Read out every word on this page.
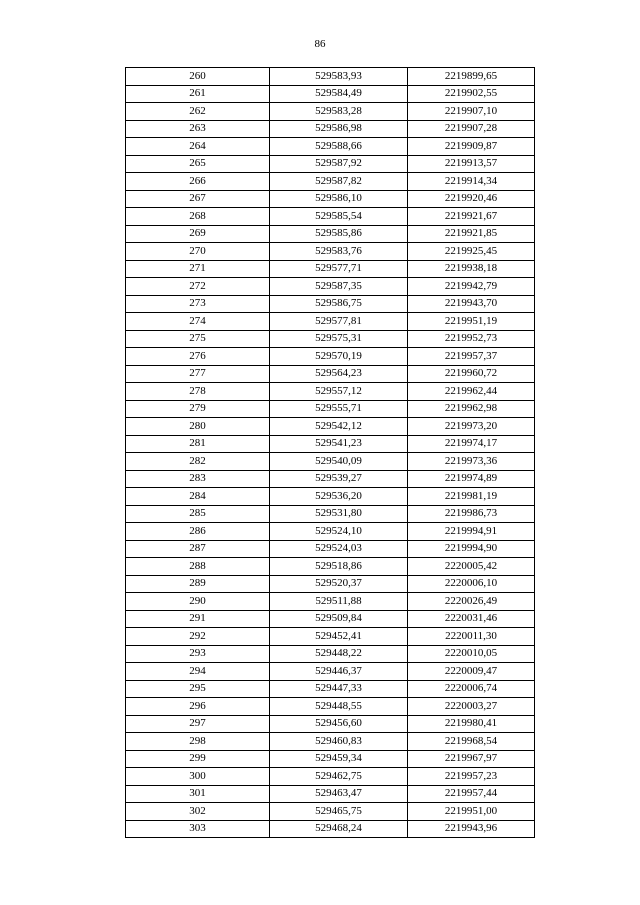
86
260	529583,93	2219899,65
261	529584,49	2219902,55
262	529583,28	2219907,10
263	529586,98	2219907,28
264	529588,66	2219909,87
265	529587,92	2219913,57
266	529587,82	2219914,34
267	529586,10	2219920,46
268	529585,54	2219921,67
269	529585,86	2219921,85
270	529583,76	2219925,45
271	529577,71	2219938,18
272	529587,35	2219942,79
273	529586,75	2219943,70
274	529577,81	2219951,19
275	529575,31	2219952,73
276	529570,19	2219957,37
277	529564,23	2219960,72
278	529557,12	2219962,44
279	529555,71	2219962,98
280	529542,12	2219973,20
281	529541,23	2219974,17
282	529540,09	2219973,36
283	529539,27	2219974,89
284	529536,20	2219981,19
285	529531,80	2219986,73
286	529524,10	2219994,91
287	529524,03	2219994,90
288	529518,86	2220005,42
289	529520,37	2220006,10
290	529511,88	2220026,49
291	529509,84	2220031,46
292	529452,41	2220011,30
293	529448,22	2220010,05
294	529446,37	2220009,47
295	529447,33	2220006,74
296	529448,55	2220003,27
297	529456,60	2219980,41
298	529460,83	2219968,54
299	529459,34	2219967,97
300	529462,75	2219957,23
301	529463,47	2219957,44
302	529465,75	2219951,00
303	529468,24	2219943,96
